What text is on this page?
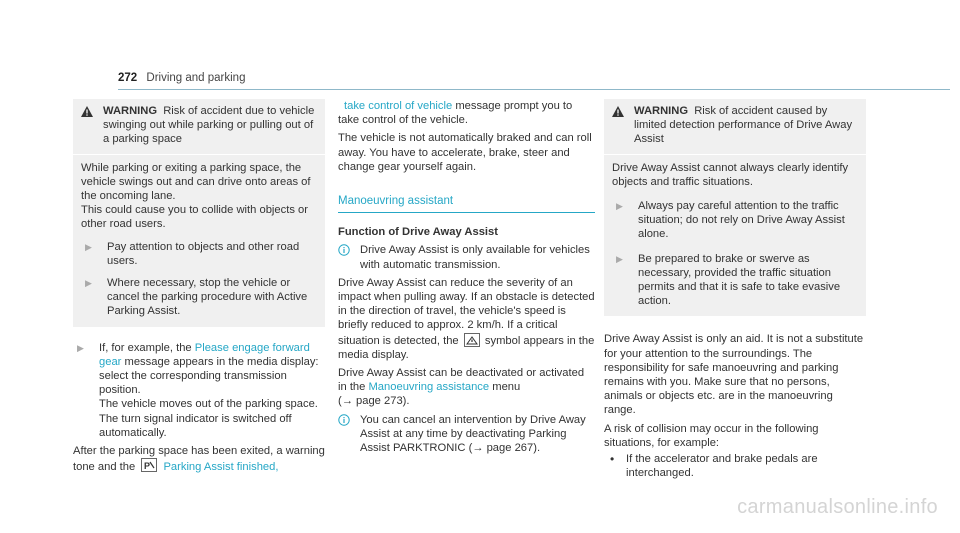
272 Driving and parking
WARNING Risk of accident due to vehicle swinging out while parking or pulling out of a parking space

While parking or exiting a parking space, the vehicle swings out and can drive onto areas of the oncoming lane.

This could cause you to collide with objects or other road users.

▶	Pay attention to objects and other road users.
▶	Where necessary, stop the vehicle or cancel the parking procedure with Active Parking Assist.
▶	If, for example, the Please engage forward gear message appears in the media display: select the corresponding transmission position.
The vehicle moves out of the parking space. The turn signal indicator is switched off automatically.

After the parking space has been exited, a warning tone and the P Parking Assist finished,

take control of vehicle message prompt you to take control of the vehicle.

The vehicle is not automatically braked and can roll away. You have to accelerate, brake, steer and change gear yourself again.

Manoeuvring assistant
Function of Drive Away Assist
Drive Away Assist is only available for vehicles with automatic transmission.

Drive Away Assist can reduce the severity of an impact when pulling away. If an obstacle is detected in the direction of travel, the vehicle's speed is briefly reduced to approx. 2 km/h. If a critical situation is detected, the symbol appears in the media display.

Drive Away Assist can be deactivated or activated in the Manoeuvring assistance menu
(→ page 273).

You can cancel an intervention by Drive Away Assist at any time by deactivating Parking Assist PARKTRONIC (→ page 267).
WARNING Risk of accident caused by limited detection performance of Drive Away Assist

Drive Away Assist cannot always clearly identify objects and traffic situations.

▶	Always pay careful attention to the traffic situation; do not rely on Drive Away Assist alone.
▶	Be prepared to brake or swerve as necessary, provided the traffic situation permits and that it is safe to take evasive action.

Drive Away Assist is only an aid. It is not a substitute for your attention to the surroundings. The responsibility for safe manoeuvring and parking remains with you. Make sure that no persons, animals or objects etc. are in the manoeuvring range.

A risk of collision may occur in the following situations, for example:

•	If the accelerator and brake pedals are interchanged.
carmanualsonline.info
